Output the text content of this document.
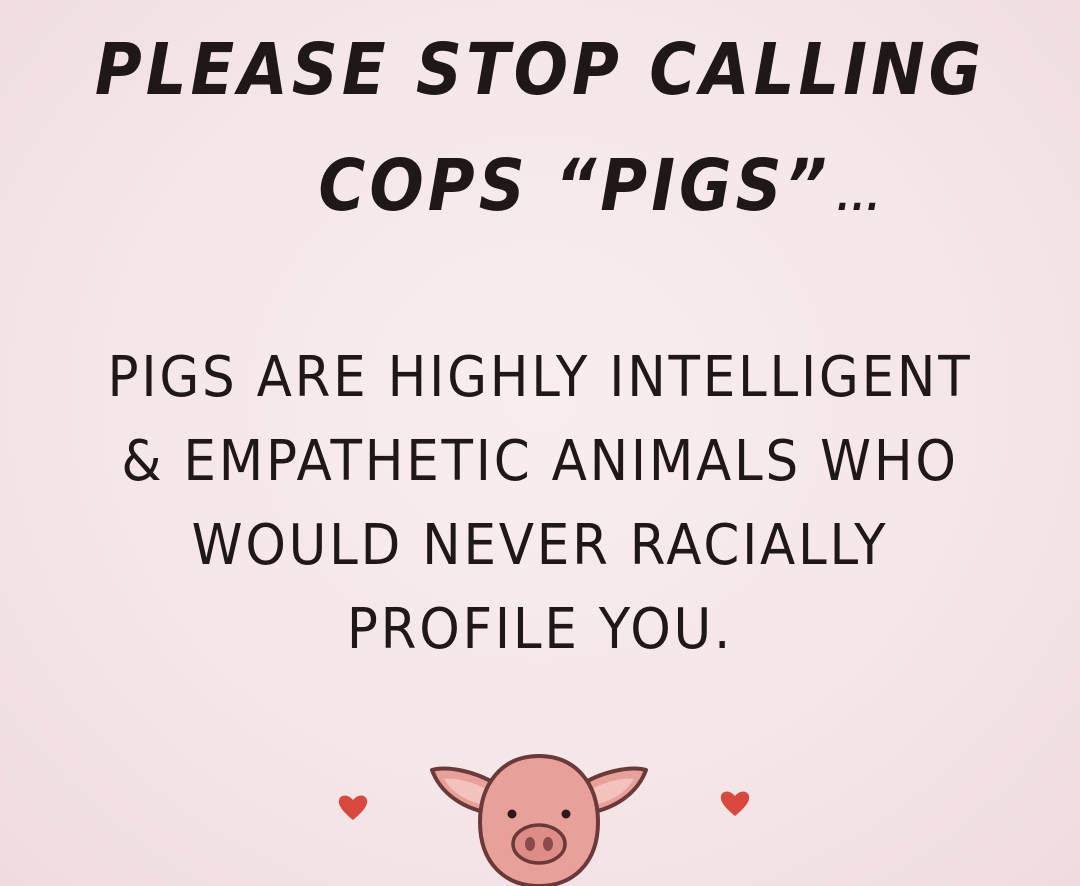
PLEASE STOP CALLING
COPS “PIGS” ...
PIGS ARE HIGHLY INTELLIGENT
& EMPATHETIC ANIMALS WHO
WOULD NEVER RACIALLY
PROFILE YOU.
